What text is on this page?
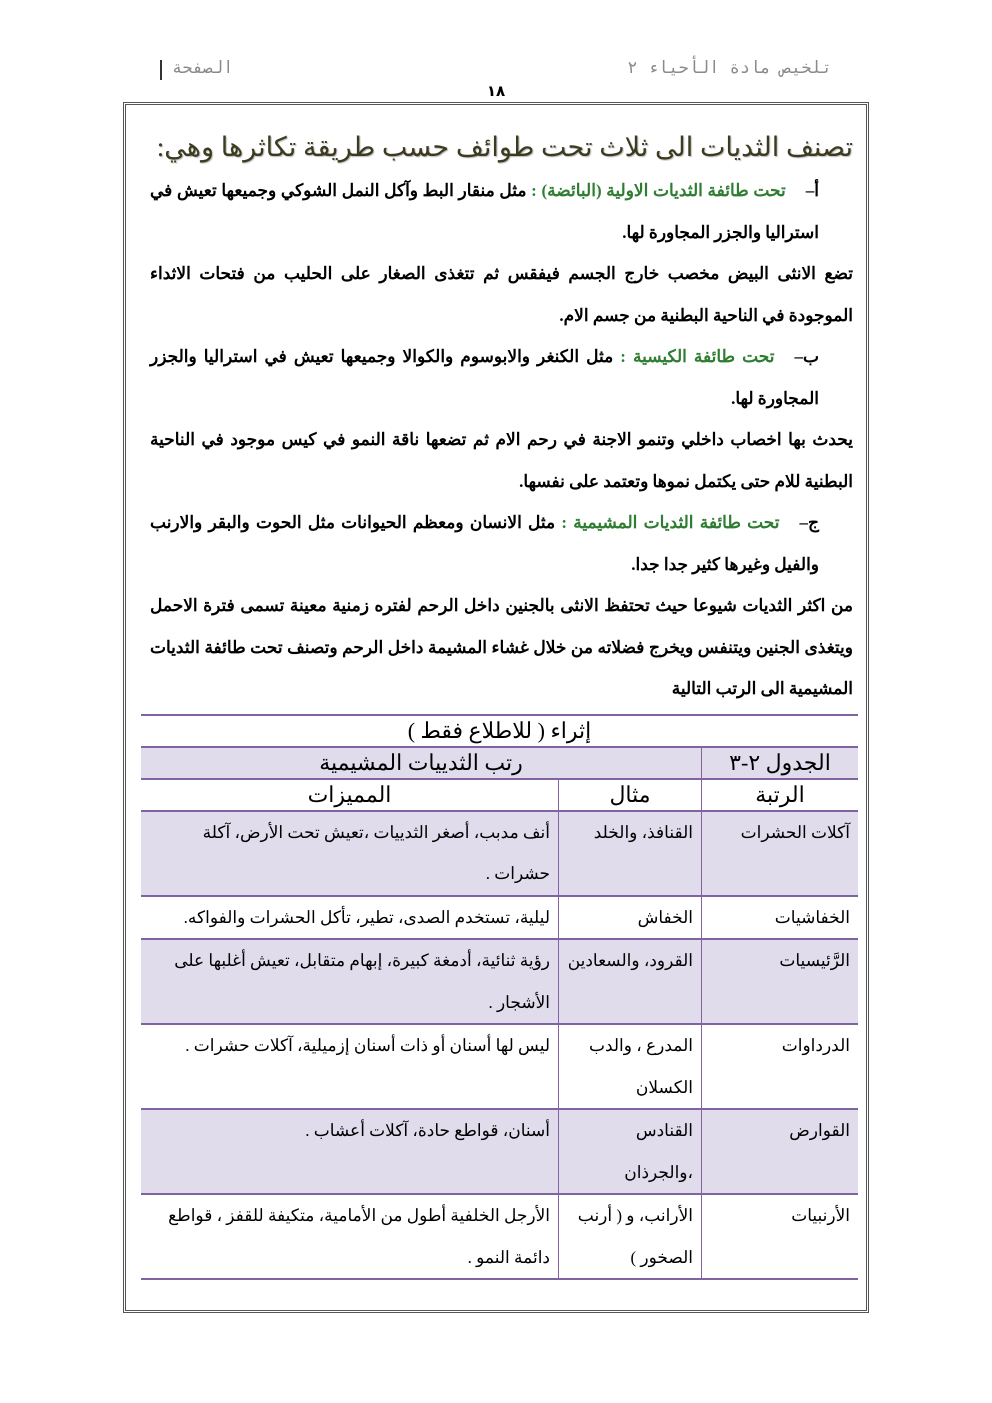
تلخيص مادة الأحياء ٢
الصفحة
١٨
تصنف الثديات الى ثلاث تحت طوائف حسب طريقة تكاثرها وهي:
أ–تحت طائفة الثديات الاولية (البائضة) : مثل منقار البط وآكل النمل الشوكي وجميعها تعيش في استراليا والجزر المجاورة لها.
تضع الانثى البيض مخصب خارج الجسم فيفقس ثم تتغذى الصغار على الحليب من فتحات الاثداء الموجودة في الناحية البطنية من جسم الام.
ب–تحت طائفة الكيسية : مثل الكنغر والابوسوم والكوالا وجميعها تعيش في استراليا والجزر المجاورة لها.
يحدث بها اخصاب داخلي وتنمو الاجنة في رحم الام ثم تضعها ناقة النمو في كيس موجود في الناحية البطنية للام حتى يكتمل نموها وتعتمد على نفسها.
ج–تحت طائفة الثديات المشيمية : مثل الانسان ومعظم الحيوانات مثل الحوت والبقر والارنب والفيل وغيرها كثير جدا جدا.
من اكثر الثديات شيوعا حيث تحتفظ الانثى بالجنين داخل الرحم لفتره زمنية معينة تسمى فترة الاحمل ويتغذى الجنين ويتنفس ويخرج فضلاته من خلال غشاء المشيمة داخل الرحم وتصنف تحت طائفة الثديات المشيمية الى الرتب التالية
إثراء ( للاطلاع فقط )		
الجدول ٢-٣	رتب الثدييات المشيمية	
الرتبة	مثال	المميزات
آكلات الحشرات	القنافذ، والخلد	أنف مدبب، أصغر الثدييات ،تعيش تحت الأرض، آكلة حشرات .
الخفاشيات	الخفاش	ليلية، تستخدم الصدى، تطير، تأكل الحشرات والفواكه.
الرَّئيسيات	القرود، والسعادين	رؤية ثنائية، أدمغة كبيرة، إبهام متقابل، تعيش أغلبها على الأشجار .
الدرداوات	المدرع ، والدب الكسلان	ليس لها أسنان أو ذات أسنان إزميلية، آكلات حشرات .
القوارض	القنادس ،والجرذان	أسنان، قواطع حادة، آكلات أعشاب .
الأرنبيات	الأرانب، و ( أرنب الصخور )	الأرجل الخلفية أطول من الأمامية، متكيفة للقفز ، قواطع دائمة النمو .
